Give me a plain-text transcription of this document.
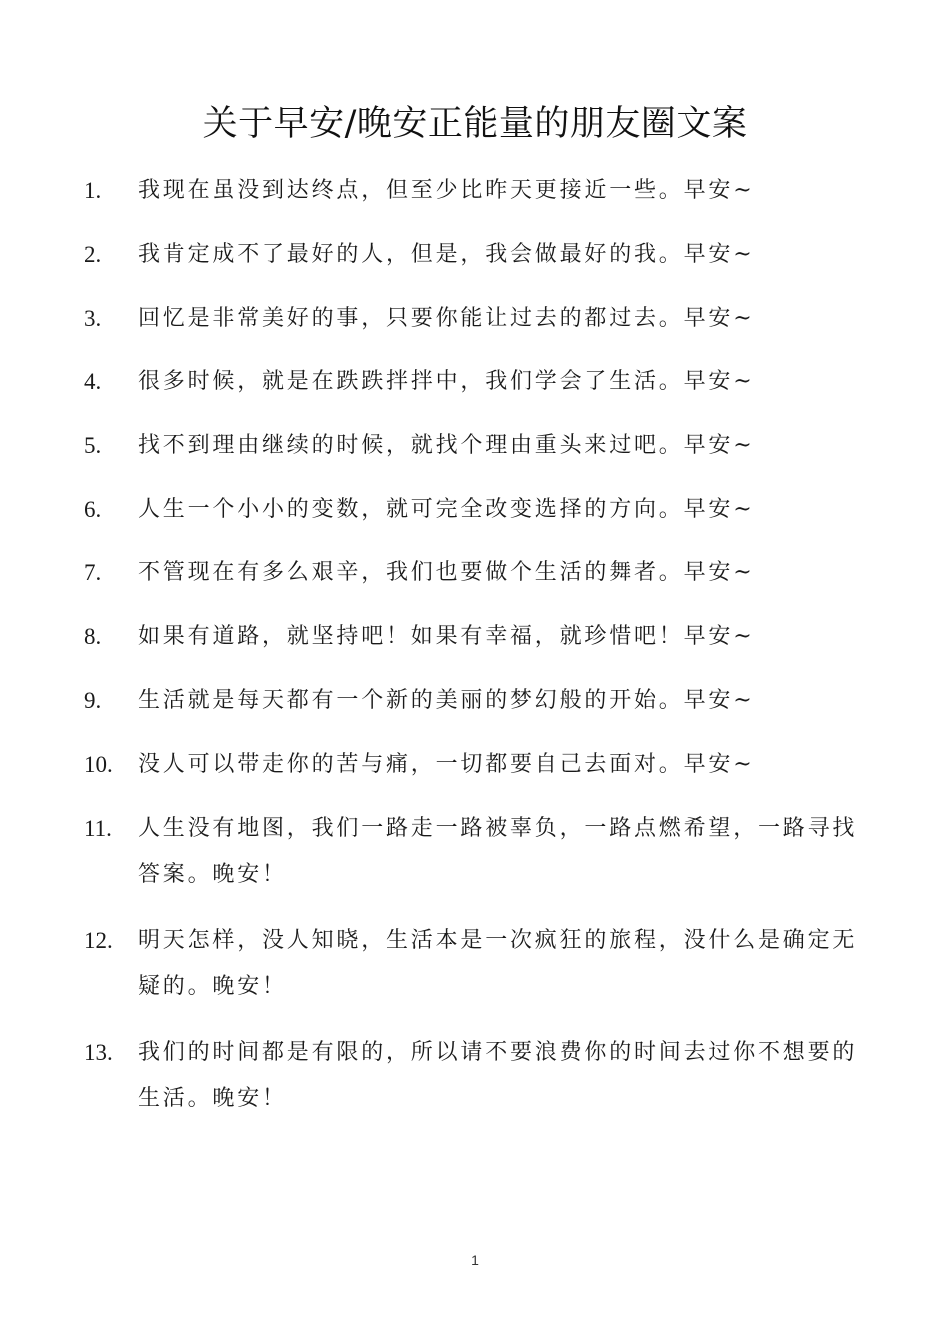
关于早安/晚安正能量的朋友圈文案
1.	我现在虽没到达终点，但至少比昨天更接近一些。早安~
2.	我肯定成不了最好的人，但是，我会做最好的我。早安~
3.	回忆是非常美好的事，只要你能让过去的都过去。早安~
4.	很多时候，就是在跌跌拌拌中，我们学会了生活。早安~
5.	找不到理由继续的时候，就找个理由重头来过吧。早安~
6.	人生一个小小的变数，就可完全改变选择的方向。早安~
7.	不管现在有多么艰辛，我们也要做个生活的舞者。早安~
8.	如果有道路，就坚持吧！如果有幸福，就珍惜吧！早安~
9.	生活就是每天都有一个新的美丽的梦幻般的开始。早安~
10.	没人可以带走你的苦与痛，一切都要自己去面对。早安~
11.	人生没有地图，我们一路走一路被辜负，一路点燃希望，一路寻找答案。晚安！
12.	明天怎样，没人知晓，生活本是一次疯狂的旅程，没什么是确定无疑的。晚安！
13.	我们的时间都是有限的，所以请不要浪费你的时间去过你不想要的生活。晚安！
1
